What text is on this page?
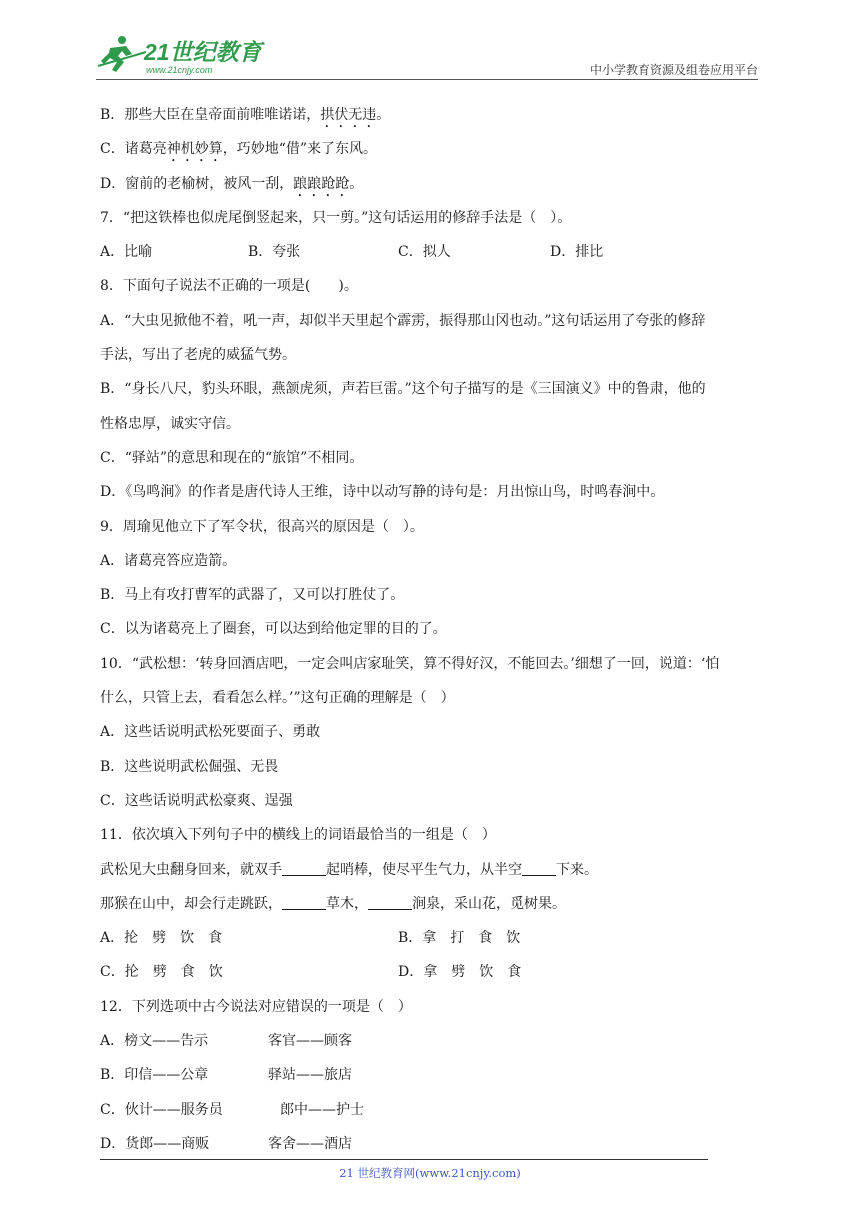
21世纪教育
www.21cnjy.com	中小学教育资源及组卷应用平台
B．那些大臣在皇帝面前唯唯诺诺，拱伏无违。
C．诸葛亮神机妙算，巧妙地“借”来了东风。
D．窗前的老榆树，被风一刮，踉踉跄跄。
7．“把这铁棒也似虎尾倒竖起来，只一剪。”这句话运用的修辞手法是（　）。
A．比喻	B．夸张	C．拟人	D．排比
8．下面句子说法不正确的一项是(　　)。
A．“大虫见掀他不着，吼一声，却似半天里起个霹雳，振得那山冈也动。”这句话运用了夸张的修辞
手法，写出了老虎的威猛气势。
B．“身长八尺，豹头环眼，燕颔虎须，声若巨雷。”这个句子描写的是《三国演义》中的鲁肃，他的
性格忠厚，诚实守信。
C．“驿站”的意思和现在的“旅馆”不相同。
D．《鸟鸣涧》的作者是唐代诗人王维，诗中以动写静的诗句是：月出惊山鸟，时鸣春涧中。
9．周瑜见他立下了军令状，很高兴的原因是（　）。
A．诸葛亮答应造箭。
B．马上有攻打曹军的武器了，又可以打胜仗了。
C．以为诸葛亮上了圈套，可以达到给他定罪的目的了。
10．“武松想：‘转身回酒店吧，一定会叫店家耻笑，算不得好汉，不能回去。’细想了一回，说道：‘怕
什么，只管上去，看看怎么样。’”这句正确的理解是（　）
A．这些话说明武松死要面子、勇敢
B．这些说明武松倔强、无畏
C．这些话说明武松豪爽、逞强
11．依次填入下列句子中的横线上的词语最恰当的一组是（　）
武松见大虫翻身回来，就双手	起哨棒，使尽平生气力，从半空 下来。
那猴在山中，却会行走跳跃，	草木，	涧泉，采山花，觅树果。
A．抡　劈　饮　食	B．拿　打　食　饮
C．抡　劈　食　饮	D．拿　劈　饮　食
12．下列选项中古今说法对应错误的一项是（　）
A．榜文——告示	客官——顾客
B．印信——公章	驿站——旅店
C．伙计——服务员	郎中——护士
D．货郎——商贩	客舍——酒店
21 世纪教育网(www.21cnjy.com)
